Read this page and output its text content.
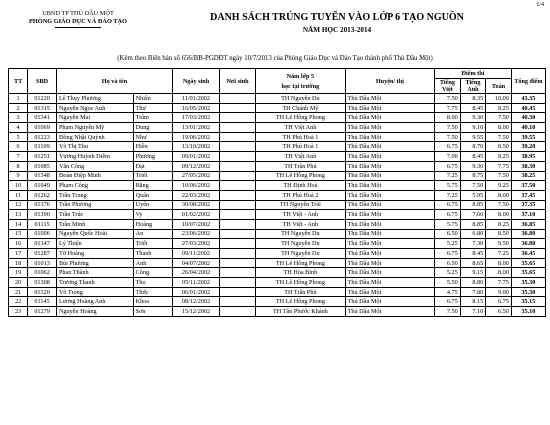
1/4
UBND TP THỦ DẦU MỘT
PHÒNG GIÁO DỤC VÀ ĐÀO TẠO	DANH SÁCH TRÚNG TUYỂN VÀO LỚP 6 TẠO NGUỒN
NĂM HỌC 2013-2014
(Kèm theo Biên bản số 656/BB-PGDĐT ngày 10/7/2013 của Phòng Giáo Dục và Đào Tạo thành phố Thủ Dầu Một)
TT	SBD	Họ và tên		Ngày sinh	Nơi sinh	Năm lớp 5
học tại trường	Huyện/ thị	Điểm thi			Tổng điểm
								Tiếng Việt	Tiếng Anh	Toán	

1	01220	Lê Thụy Phương	Nhiên	11/01/2002		TH Nguyễn Du	Thủ Dầu Một	7.50	8.35	10.00	43.35
2	01315	Nguyễn Ngọc Anh	Thư	16/05/2002		TH Chánh Mỹ	Thủ Dầu Một	7.75	8.45	8.25	40.45
3	01341	Nguyễn Mai	Trâm	17/03/2002		TH Lê Hồng Phong	Thủ Dầu Một	8.00	9.30	7.50	40.30
4	01069	Phạm Nguyễn Mỹ	Dung	13/01/2002		TH Việt Anh	Thủ Dầu Một	7.50	9.10	8.00	40.10
5	01223	Đồng Nhật Quỳnh	Như	19/06/2002		TH Phú Hoà 1	Thủ Dầu Một	7.50	9.55	7.50	39.55
6	01109	Võ Thị Thu	Hiền	13/10/2002		TH Phú Hoà 1	Thủ Dầu Một	6.75	8.70	8.50	39.20
7	01251	Vương Huỳnh Diễm	Phương	09/01/2002		TH Việt Anh	Thủ Dầu Một	7.00	8.45	8.25	38.95
8	01085	Văn Công	Đạt	09/12/2002		TH Trần Phú	Thủ Dầu Một	6.75	9.30	7.75	38.30
9	01348	Đoàn Điệp Minh	Triết	27/05/2002		TH Lê Hồng Phong	Thủ Dầu Một	7.25	8.75	7.50	38.25
10	01049	Phạm Công	Bằng	10/06/2002		TH Định Hoà	Thủ Dầu Một	5.75	7.50	9.25	37.50
11	01262	Trần Trung	Quân	22/03/2002		TH Phú Hoà 2	Thủ Dầu Một	7.25	5.95	8.00	37.45
12	01376	Trần Phương	Uyên	30/08/2002		TH Nguyễn Trãi	Thủ Dầu Một	6.75	8.85	7.50	37.35
13	01390	Trần Trúc	Vy	01/02/2002		TH Việt - Anh	Thủ Dầu Một	6.75	7.60	8.00	37.10
14	01115	Trần Minh	Hoàng	10/07/2002		TH Việt - Anh	Thủ Dầu Một	5.75	8.85	8.25	36.85
15	01006	Nguyễn Quốc Hoài	An	23/06/2002		TH Nguyễn Du	Thủ Dầu Một	6.50	6.80	8.50	36.80
16	01347	Lý Thiện	Triết	27/03/2002		TH Nguyễn Du	Thủ Dầu Một	5.25	7.30	9.50	36.80
17	01287	Từ Hoàng	Thanh	09/11/2002		TH Nguyễn Du	Thủ Dầu Một	6.75	8.45	7.25	36.45
18	01013	Bùi Phương	Anh	04/07/2002		TH Lê Hồng Phong	Thủ Dầu Một	6.50	8.65	8.00	35.65
19	01062	Phan Thành	Công	26/04/2002		TH Hòa Bình	Thủ Dầu Một	5.25	9.15	8.00	35.65
20	01308	Trương Thanh	Thọ	05/11/2002		TH Lê Hồng Phong	Thủ Dầu Một	5.50	8.80	7.75	35.30
21	01320	Võ Trọng	Thức	06/01/2002		TH Trần Phú	Thủ Dầu Một	4.75	7.80	9.00	35.30
22	01145	Lương Hoàng Anh	Khoa	08/12/2002		TH Lê Hồng Phong	Thủ Dầu Một	6.75	8.15	6.75	35.15
23	01279	Nguyễn Hoàng	Sơn	15/12/2002		TH Tân Phước Khánh	Thủ Dầu Một	7.50	7.10	6.50	35.10
